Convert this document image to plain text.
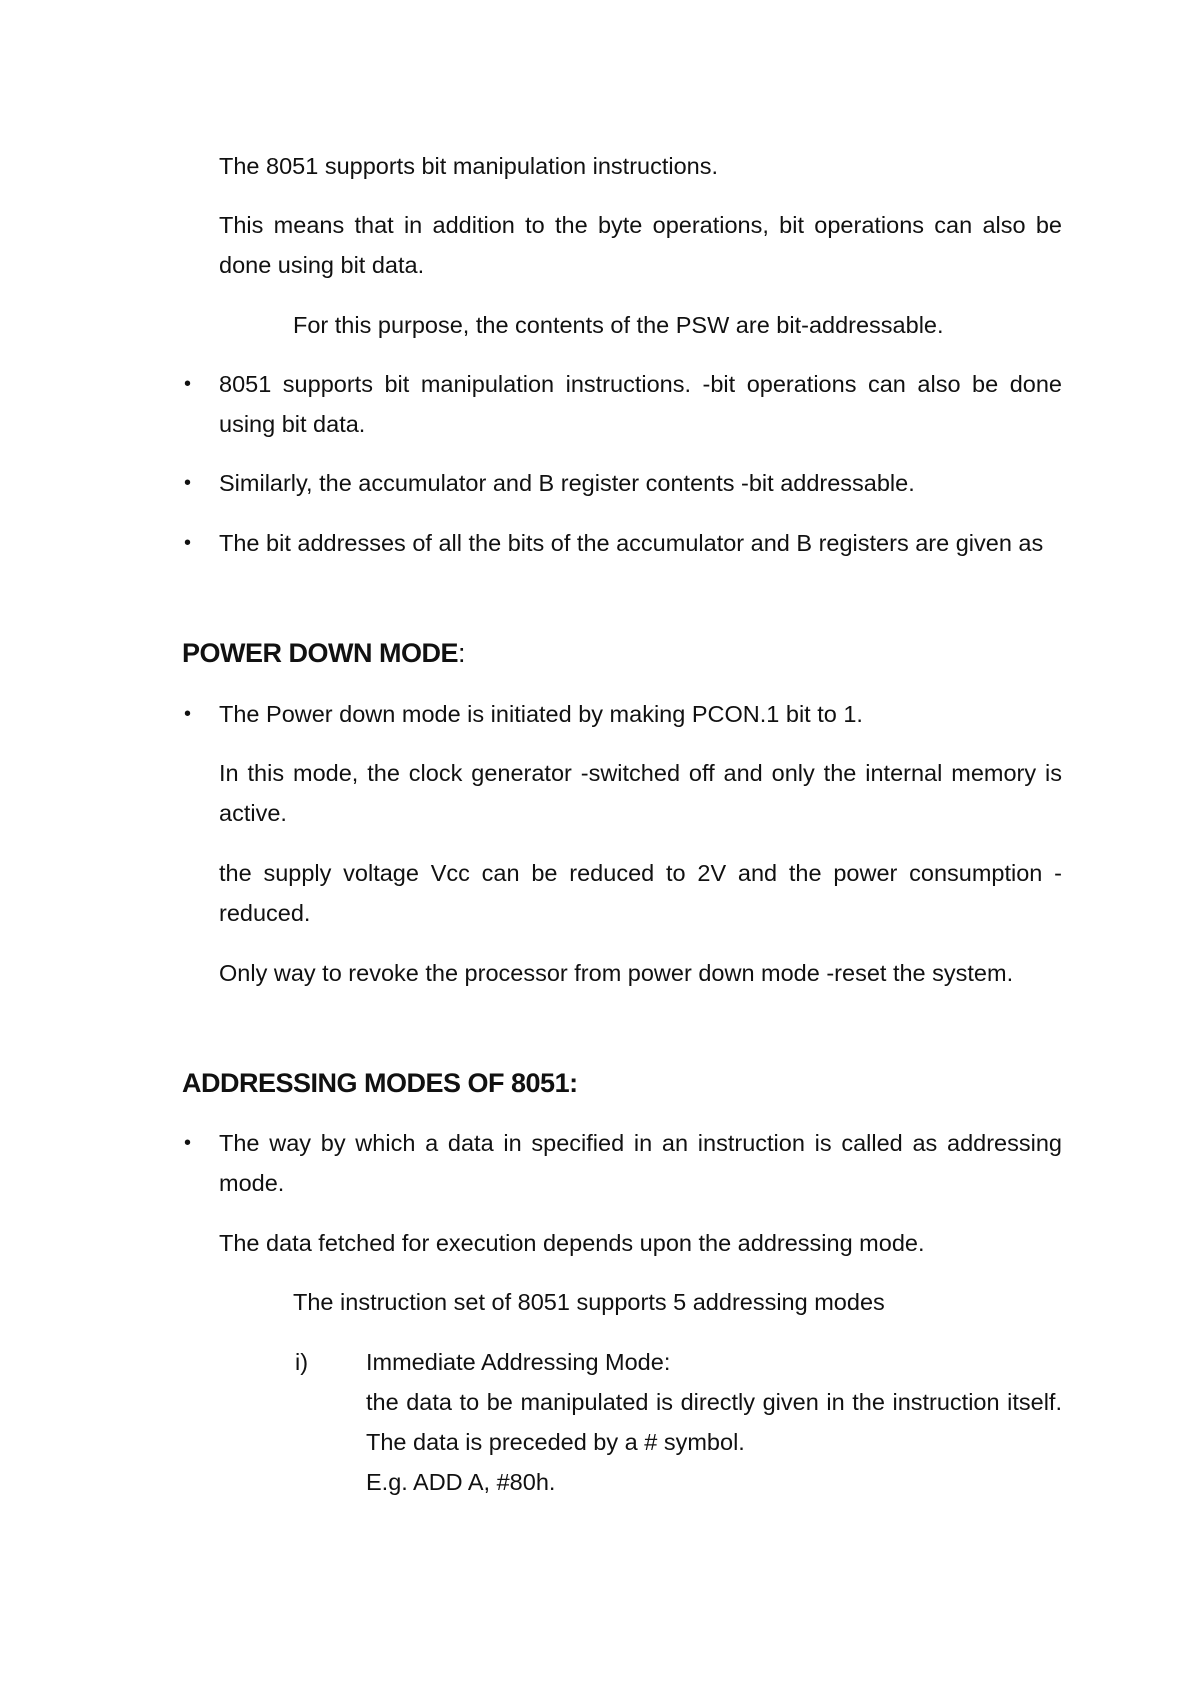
The 8051 supports bit manipulation instructions.

This means that in addition to the byte operations, bit operations can also be done using bit data.

For this purpose, the contents of the PSW are bit-addressable.

• 8051 supports bit manipulation instructions. -bit operations can also be done using bit data.

• Similarly, the accumulator and B register contents -bit addressable.

• The bit addresses of all the bits of the accumulator and B registers are given as

POWER DOWN MODE:
• The Power down mode is initiated by making PCON.1 bit to 1.

In this mode, the clock generator -switched off and only the internal memory is active.

the supply voltage Vcc can be reduced to 2V and the power consumption -reduced.

Only way to revoke the processor from power down mode -reset the system.

ADDRESSING MODES OF 8051:
• The way by which a data in specified in an instruction is called as addressing mode.

The data fetched for execution depends upon the addressing mode.

The instruction set of 8051 supports 5 addressing modes

i) Immediate Addressing Mode:

the data to be manipulated is directly given in the instruction itself. The data is preceded by a # symbol.

E.g. ADD A, #80h.
